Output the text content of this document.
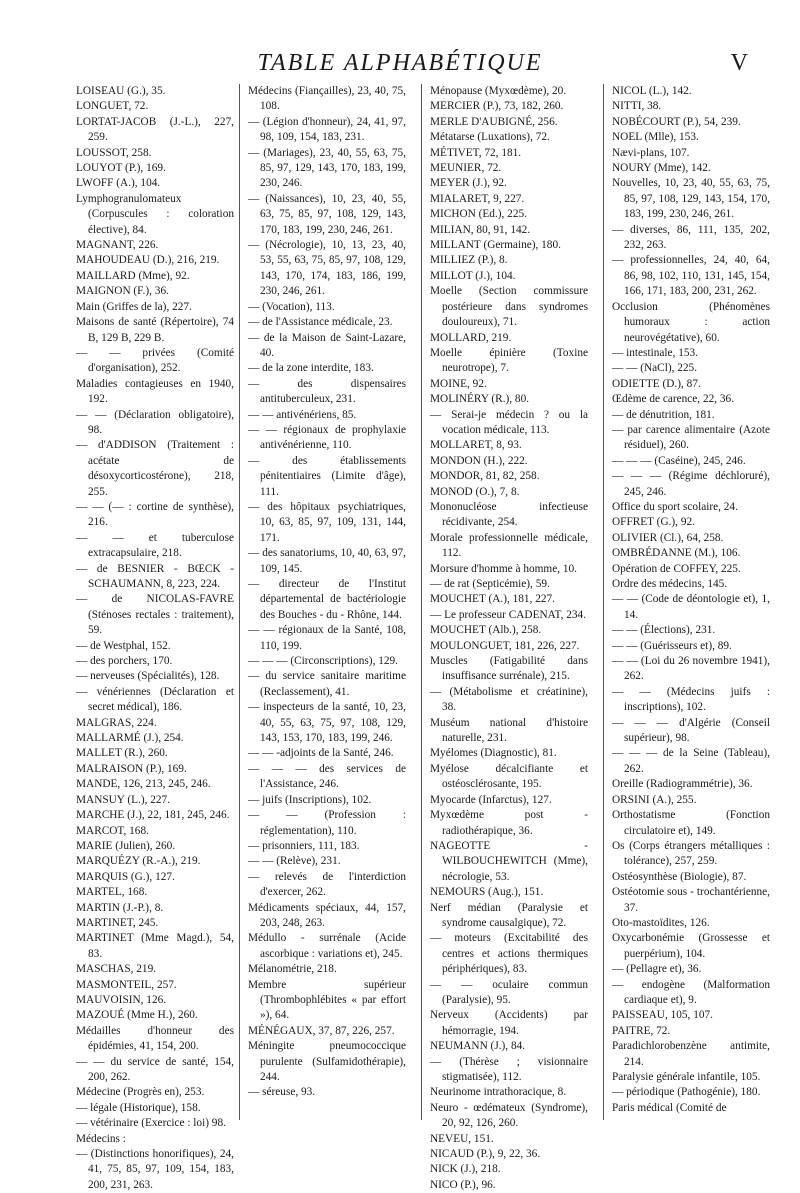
TABLE ALPHABÉTIQUE	V

LOISEAU (G.), 35.

LONGUET, 72.

LORTAT-JACOB (J.-L.), 227, 259.

LOUSSOT, 258.

LOUYOT (P.), 169.

LWOFF (A.), 104.

Lymphogranulomateux (Corpuscules : coloration élective), 84.

MAGNANT, 226.

MAHOUDEAU (D.), 216, 219.

MAILLARD (Mme), 92.

MAIGNON (F.), 36.

Main (Griffes de la), 227.

Maisons de santé (Répertoire), 74 B, 129 B, 229 B.

— — privées (Comité d'organisation), 252.

Maladies contagieuses en 1940, 192.

— — (Déclaration obligatoire), 98.

— d'ADDISON (Traitement : acétate de désoxycorticostérone), 218, 255.

— — (— : cortine de synthèse), 216.

— — et tuberculose extracapsulaire, 218.

— de BESNIER - BŒCK - SCHAUMANN, 8, 223, 224.

— de NICOLAS-FAVRE (Sténoses rectales : traitement), 59.

— de Westphal, 152.

— des porchers, 170.

— nerveuses (Spécialités), 128.

— vénériennes (Déclaration et secret médical), 186.

MALGRAS, 224.

MALLARMÉ (J.), 254.

MALLET (R.), 260.

MALRAISON (P.), 169.

MANDE, 126, 213, 245, 246.

MANSUY (L.), 227.

MARCHE (J.), 22, 181, 245, 246.

MARCOT, 168.

MARIE (Julien), 260.

MARQUÉZY (R.-A.), 219.

MARQUIS (G.), 127.

MARTEL, 168.

MARTIN (J.-P.), 8.

MARTINET, 245.

MARTINET (Mme Magd.), 54, 83.

MASCHAS, 219.

MASMONTEIL, 257.

MAUVOISIN, 126.

MAZOUÉ (Mme H.), 260.

Médailles d'honneur des épidémies, 41, 154, 200.

— — du service de santé, 154, 200, 262.

Médecine (Progrès en), 253.

— légale (Historique), 158.

— vétérinaire (Exercice : loi) 98.

Médecins :

— (Distinctions honorifiques), 24, 41, 75, 85, 97, 109, 154, 183, 200, 231, 263.

Médecins (Fiançailles), 23, 40, 75, 108.

— (Légion d'honneur), 24, 41, 97, 98, 109, 154, 183, 231.

— (Mariages), 23, 40, 55, 63, 75, 85, 97, 129, 143, 170, 183, 199, 230, 246.

— (Naissances), 10, 23, 40, 55, 63, 75, 85, 97, 108, 129, 143, 170, 183, 199, 230, 246, 261.

— (Nécrologie), 10, 13, 23, 40, 53, 55, 63, 75, 85, 97, 108, 129, 143, 170, 174, 183, 186, 199, 230, 246, 261.

— (Vocation), 113.

— de l'Assistance médicale, 23.

— de la Maison de Saint-Lazare, 40.

— de la zone interdite, 183.

— des dispensaires antituberculeux, 231.

— — antivénériens, 85.

— — régionaux de prophylaxie antivénérienne, 110.

— des établissements pénitentiaires (Limite d'âge), 111.

— des hôpitaux psychiatriques, 10, 63, 85, 97, 109, 131, 144, 171.

— des sanatoriums, 10, 40, 63, 97, 109, 145.

— directeur de l'Institut départemental de bactériologie des Bouches - du - Rhône, 144.

— — régionaux de la Santé, 108, 110, 199.

— — — (Circonscriptions), 129.

— du service sanitaire maritime (Reclassement), 41.

— inspecteurs de la santé, 10, 23, 40, 55, 63, 75, 97, 108, 129, 143, 153, 170, 183, 199, 246.

— — -adjoints de la Santé, 246.

— — — des services de l'Assistance, 246.

— juifs (Inscriptions), 102.

— — (Profession : réglementation), 110.

— prisonniers, 111, 183.

— — (Relève), 231.

— relevés de l'interdiction d'exercer, 262.

Médicaments spéciaux, 44, 157, 203, 248, 263.

Médullo - surrénale (Acide ascorbique : variations et), 245.

Mélanométrie, 218.

Membre supérieur (Thrombophlébites « par effort »), 64.

MÉNÉGAUX, 37, 87, 226, 257.

Méningite pneumococcique purulente (Sulfamidothérapie), 244.

— séreuse, 93.

Ménopause (Myxœdème), 20.

MERCIER (P.), 73, 182, 260.

MERLE D'AUBIGNÉ, 256.

Métatarse (Luxations), 72.

MÉTIVET, 72, 181.

MEUNIER, 72.

MEYER (J.), 92.

MIALARET, 9, 227.

MICHON (Ed.), 225.

MILIAN, 80, 91, 142.

MILLANT (Germaine), 180.

MILLIEZ (P.), 8.

MILLOT (J.), 104.

Moelle (Section commissure postérieure dans syndromes douloureux), 71.

MOLLARD, 219.

Moelle épinière (Toxine neurotrope), 7.

MOINE, 92.

MOLINÉRY (R.), 80.

— Serai-je médecin ? ou la vocation médicale, 113.

MOLLARET, 8, 93.

MONDON (H.), 222.

MONDOR, 81, 82, 258.

MONOD (O.), 7, 8.

Mononucléose infectieuse récidivante, 254.

Morale professionnelle médicale, 112.

Morsure d'homme à homme, 10.

— de rat (Septicémie), 59.

MOUCHET (A.), 181, 227.

— Le professeur CADENAT, 234.

MOUCHET (Alb.), 258.

MOULONGUET, 181, 226, 227.

Muscles (Fatigabilité dans insuffisance surrénale), 215.

— (Métabolisme et créatinine), 38.

Muséum national d'histoire naturelle, 231.

Myélomes (Diagnostic), 81.

Myélose décalcifiante et ostéosclérosante, 195.

Myocarde (Infarctus), 127.

Myxœdème post - radiothérapique, 36.

NAGEOTTE - WILBOUCHEWITCH (Mme), nécrologie, 53.

NEMOURS (Aug.), 151.

Nerf médian (Paralysie et syndrome causalgique), 72.

— moteurs (Excitabilité des centres et actions thermiques périphériques), 83.

— — oculaire commun (Paralysie), 95.

Nerveux (Accidents) par hémorragie, 194.

NEUMANN (J.), 84.

— (Thérèse ; visionnaire stigmatisée), 112.

Neurinome intrathoracique, 8.

Neuro - œdémateux (Syndrome), 20, 92, 126, 260.

NEVEU, 151.

NICAUD (P.), 9, 22, 36.

NICK (J.), 218.

NICO (P.), 96.

NICOL (L.), 142.

NITTI, 38.

NOBÉCOURT (P.), 54, 239.

NOEL (Mlle), 153.

Nævi-plans, 107.

NOURY (Mme), 142.

Nouvelles, 10, 23, 40, 55, 63, 75, 85, 97, 108, 129, 143, 154, 170, 183, 199, 230, 246, 261.

— diverses, 86, 111, 135, 202, 232, 263.

— professionnelles, 24, 40, 64, 86, 98, 102, 110, 131, 145, 154, 166, 171, 183, 200, 231, 262.

Occlusion (Phénomènes humoraux : action neurovégétative), 60.

— intestinale, 153.

— — (NaCl), 225.

ODIETTE (D.), 87.

Œdème de carence, 22, 36.

— de dénutrition, 181.

— par carence alimentaire (Azote résiduel), 260.

— — — (Caséine), 245, 246.

— — — (Régime déchloruré), 245, 246.

Office du sport scolaire, 24.

OFFRET (G.), 92.

OLIVIER (Cl.), 64, 258.

OMBRÉDANNE (M.), 106.

Opération de COFFEY, 225.

Ordre des médecins, 145.

— — (Code de déontologie et), 1, 14.

— — (Élections), 231.

— — (Guérisseurs et), 89.

— — (Loi du 26 novembre 1941), 262.

— — (Médecins juifs : inscriptions), 102.

— — — d'Algérie (Conseil supérieur), 98.

— — — de la Seine (Tableau), 262.

Oreille (Radiogrammétrie), 36.

ORSINI (A.), 255.

Orthostatisme (Fonction circulatoire et), 149.

Os (Corps étrangers métalliques : tolérance), 257, 259.

Ostéosynthèse (Biologie), 87.

Ostéotomie sous - trochantérienne, 37.

Oto-mastoïdites, 126.

Oxycarbonémie (Grossesse et puerpérium), 104.

— (Pellagre et), 36.

— endogène (Malformation cardiaque et), 9.

PAISSEAU, 105, 107.

PAITRE, 72.

Paradichlorobenzène antimite, 214.

Paralysie générale infantile, 105.

— périodique (Pathogénie), 180.

Paris médical (Comité de
